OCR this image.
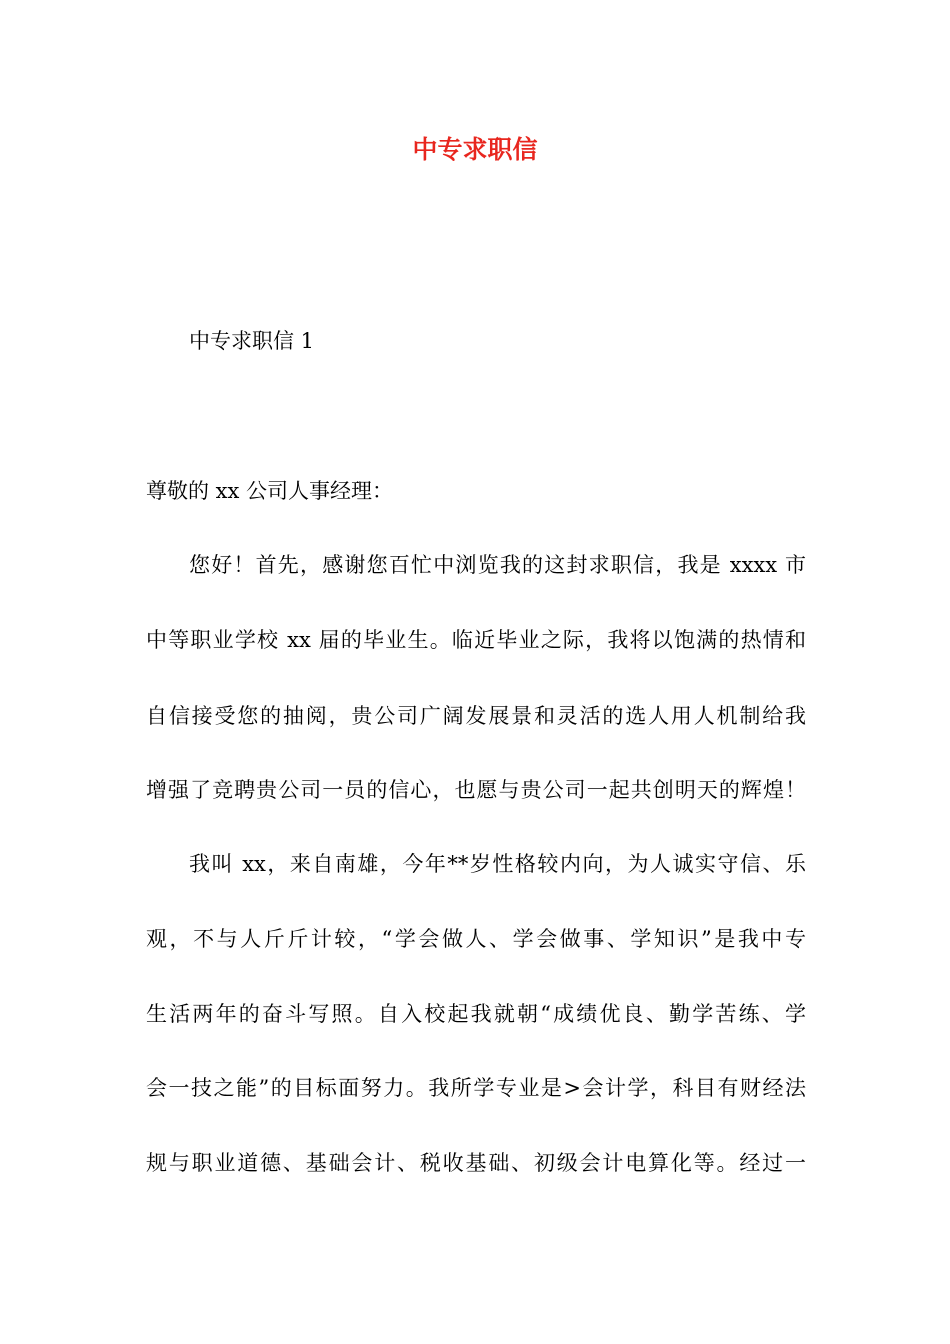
中专求职信
中专求职信 1
尊敬的 xx 公司人事经理：
您好！首先，感谢您百忙中浏览我的这封求职信，我是 xxxx 市
中等职业学校 xx 届的毕业生。临近毕业之际，我将以饱满的热情和
自信接受您的抽阅，贵公司广阔发展景和灵活的选人用人机制给我
增强了竞聘贵公司一员的信心，也愿与贵公司一起共创明天的辉煌！
我叫 xx，来自南雄，今年**岁性格较内向，为人诚实守信、乐
观，不与人斤斤计较，“学会做人、学会做事、学知识”是我中专
生活两年的奋斗写照。自入校起我就朝“成绩优良、勤学苦练、学
会一技之能”的目标面努力。我所学专业是>会计学，科目有财经法
规与职业道德、基础会计、税收基础、初级会计电算化等。经过一
